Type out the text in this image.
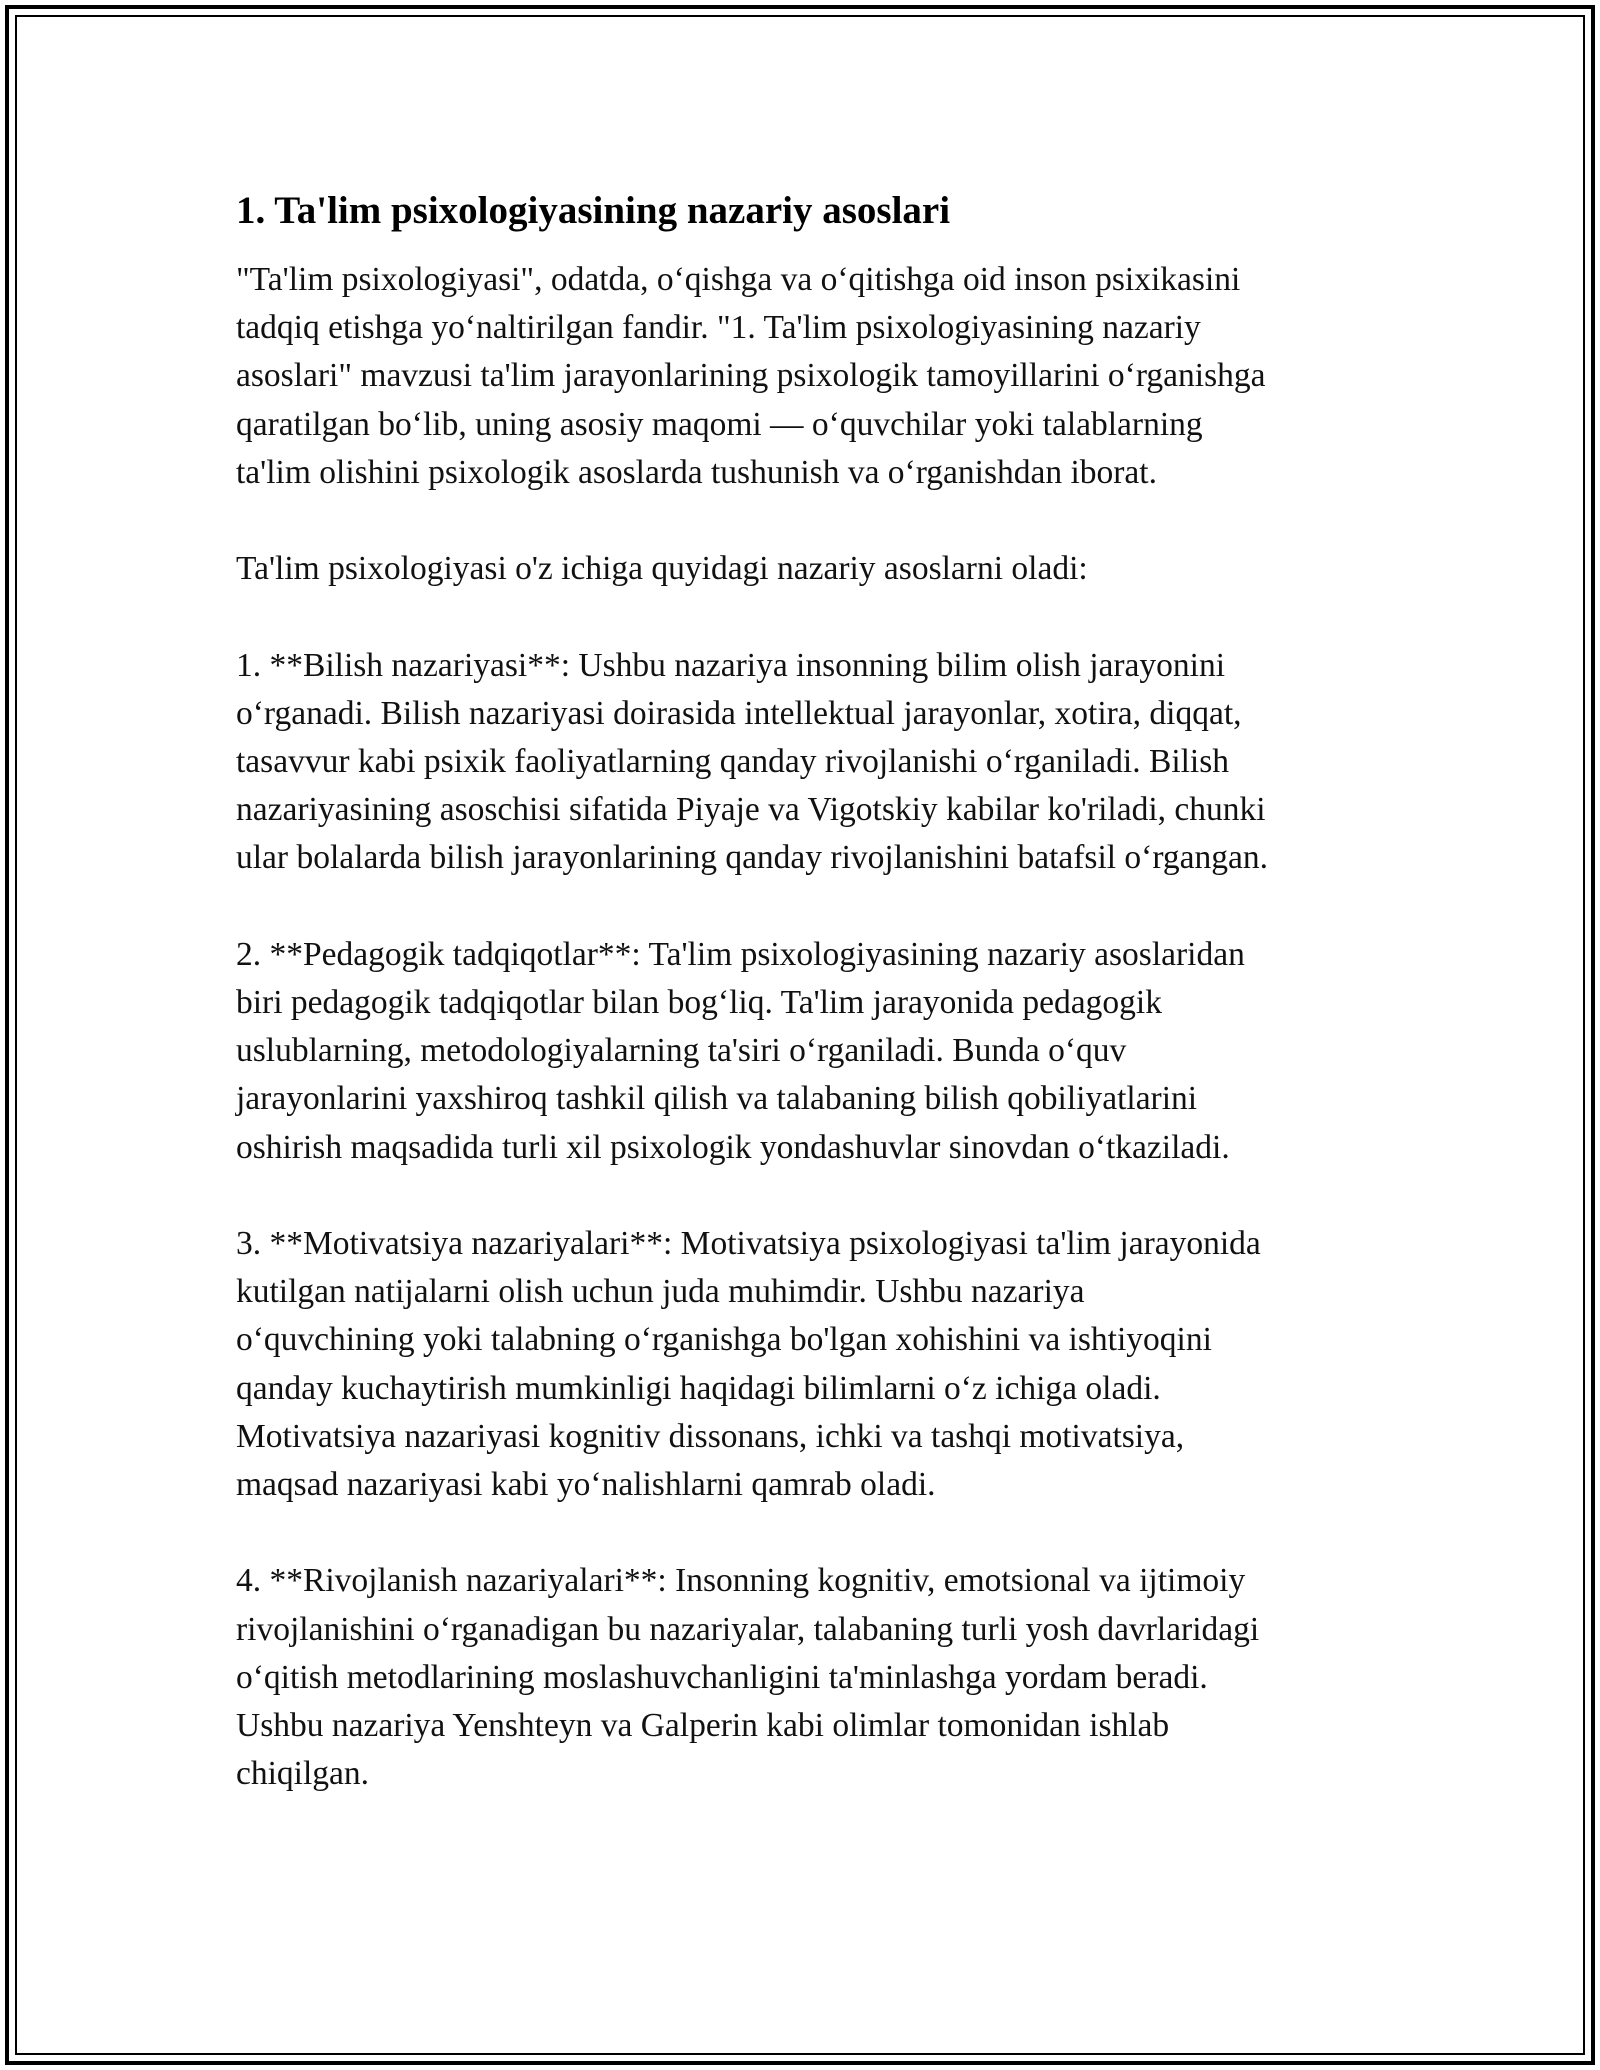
1. Ta'lim psixologiyasining nazariy asoslari
"Ta'lim psixologiyasi", odatda, o‘qishga va o‘qitishga oid inson psixikasini
tadqiq etishga yo‘naltirilgan fandir. "1. Ta'lim psixologiyasining nazariy
asoslari" mavzusi ta'lim jarayonlarining psixologik tamoyillarini o‘rganishga
qaratilgan bo‘lib, uning asosiy maqomi — o‘quvchilar yoki talablarning
ta'lim olishini psixologik asoslarda tushunish va o‘rganishdan iborat.
Ta'lim psixologiyasi o'z ichiga quyidagi nazariy asoslarni oladi:
1. **Bilish nazariyasi**: Ushbu nazariya insonning bilim olish jarayonini
o‘rganadi. Bilish nazariyasi doirasida intellektual jarayonlar, xotira, diqqat,
tasavvur kabi psixik faoliyatlarning qanday rivojlanishi o‘rganiladi. Bilish
nazariyasining asoschisi sifatida Piyaje va Vigotskiy kabilar ko'riladi, chunki
ular bolalarda bilish jarayonlarining qanday rivojlanishini batafsil o‘rgangan.
2. **Pedagogik tadqiqotlar**: Ta'lim psixologiyasining nazariy asoslaridan
biri pedagogik tadqiqotlar bilan bog‘liq. Ta'lim jarayonida pedagogik
uslublarning, metodologiyalarning ta'siri o‘rganiladi. Bunda o‘quv
jarayonlarini yaxshiroq tashkil qilish va talabaning bilish qobiliyatlarini
oshirish maqsadida turli xil psixologik yondashuvlar sinovdan o‘tkaziladi.
3. **Motivatsiya nazariyalari**: Motivatsiya psixologiyasi ta'lim jarayonida
kutilgan natijalarni olish uchun juda muhimdir. Ushbu nazariya
o‘quvchining yoki talabning o‘rganishga bo'lgan xohishini va ishtiyoqini
qanday kuchaytirish mumkinligi haqidagi bilimlarni o‘z ichiga oladi.
Motivatsiya nazariyasi kognitiv dissonans, ichki va tashqi motivatsiya,
maqsad nazariyasi kabi yo‘nalishlarni qamrab oladi.
4. **Rivojlanish nazariyalari**: Insonning kognitiv, emotsional va ijtimoiy
rivojlanishini o‘rganadigan bu nazariyalar, talabaning turli yosh davrlaridagi
o‘qitish metodlarining moslashuvchanligini ta'minlashga yordam beradi.
Ushbu nazariya Yenshteyn va Galperin kabi olimlar tomonidan ishlab
chiqilgan.
